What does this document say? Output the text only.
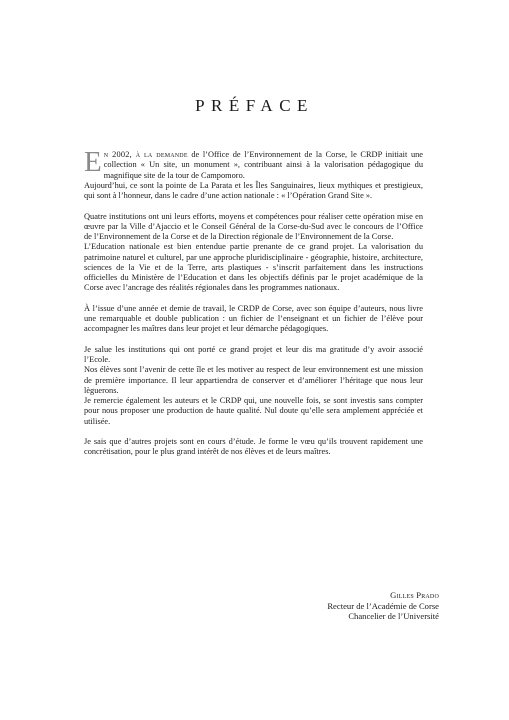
PRÉFACE

En 2002, à la demande de l’Office de l’Environnement de la Corse, le CRDP initiait une collection « Un site, un monument », contribuant ainsi à la valorisation pédagogique du magnifique site de la tour de Campomoro.

Aujourd’hui, ce sont la pointe de La Parata et les Îles Sanguinaires, lieux mythiques et prestigieux, qui sont à l’honneur, dans le cadre d’une action nationale : « l’Opération Grand Site ».

Quatre institutions ont uni leurs efforts, moyens et compétences pour réaliser cette opération mise en œuvre par la Ville d’Ajaccio et le Conseil Général de la Corse-du-Sud avec le concours de l’Office de l’Environnement de la Corse et de la Direction régionale de l’Environnement de la Corse.

L’Education nationale est bien entendue partie prenante de ce grand projet. La valorisation du patrimoine naturel et culturel, par une approche pluridisciplinaire - géographie, histoire, architecture, sciences de la Vie et de la Terre, arts plastiques - s’inscrit parfaitement dans les instructions officielles du Ministère de l’Education et dans les objectifs définis par le projet académique de la Corse avec l’ancrage des réalités régionales dans les programmes nationaux.

À l’issue d’une année et demie de travail, le CRDP de Corse, avec son équipe d’auteurs, nous livre une remarquable et double publication : un fichier de l’enseignant et un fichier de l’élève pour accompagner les maîtres dans leur projet et leur démarche pédagogiques.

Je salue les institutions qui ont porté ce grand projet et leur dis ma gratitude d’y avoir associé l’Ecole.

Nos élèves sont l’avenir de cette île et les motiver au respect de leur environnement est une mission de première importance. Il leur appartiendra de conserver et d’améliorer l’héritage que nous leur lèguerons.

Je remercie également les auteurs et le CRDP qui, une nouvelle fois, se sont investis sans compter pour nous proposer une production de haute qualité. Nul doute qu’elle sera amplement appréciée et utilisée.

Je sais que d’autres projets sont en cours d’étude. Je forme le vœu qu’ils trouvent rapidement une concrétisation, pour le plus grand intérêt de nos élèves et de leurs maîtres.

Gilles Prado
Recteur de l’Académie de Corse
Chancelier de l’Université
